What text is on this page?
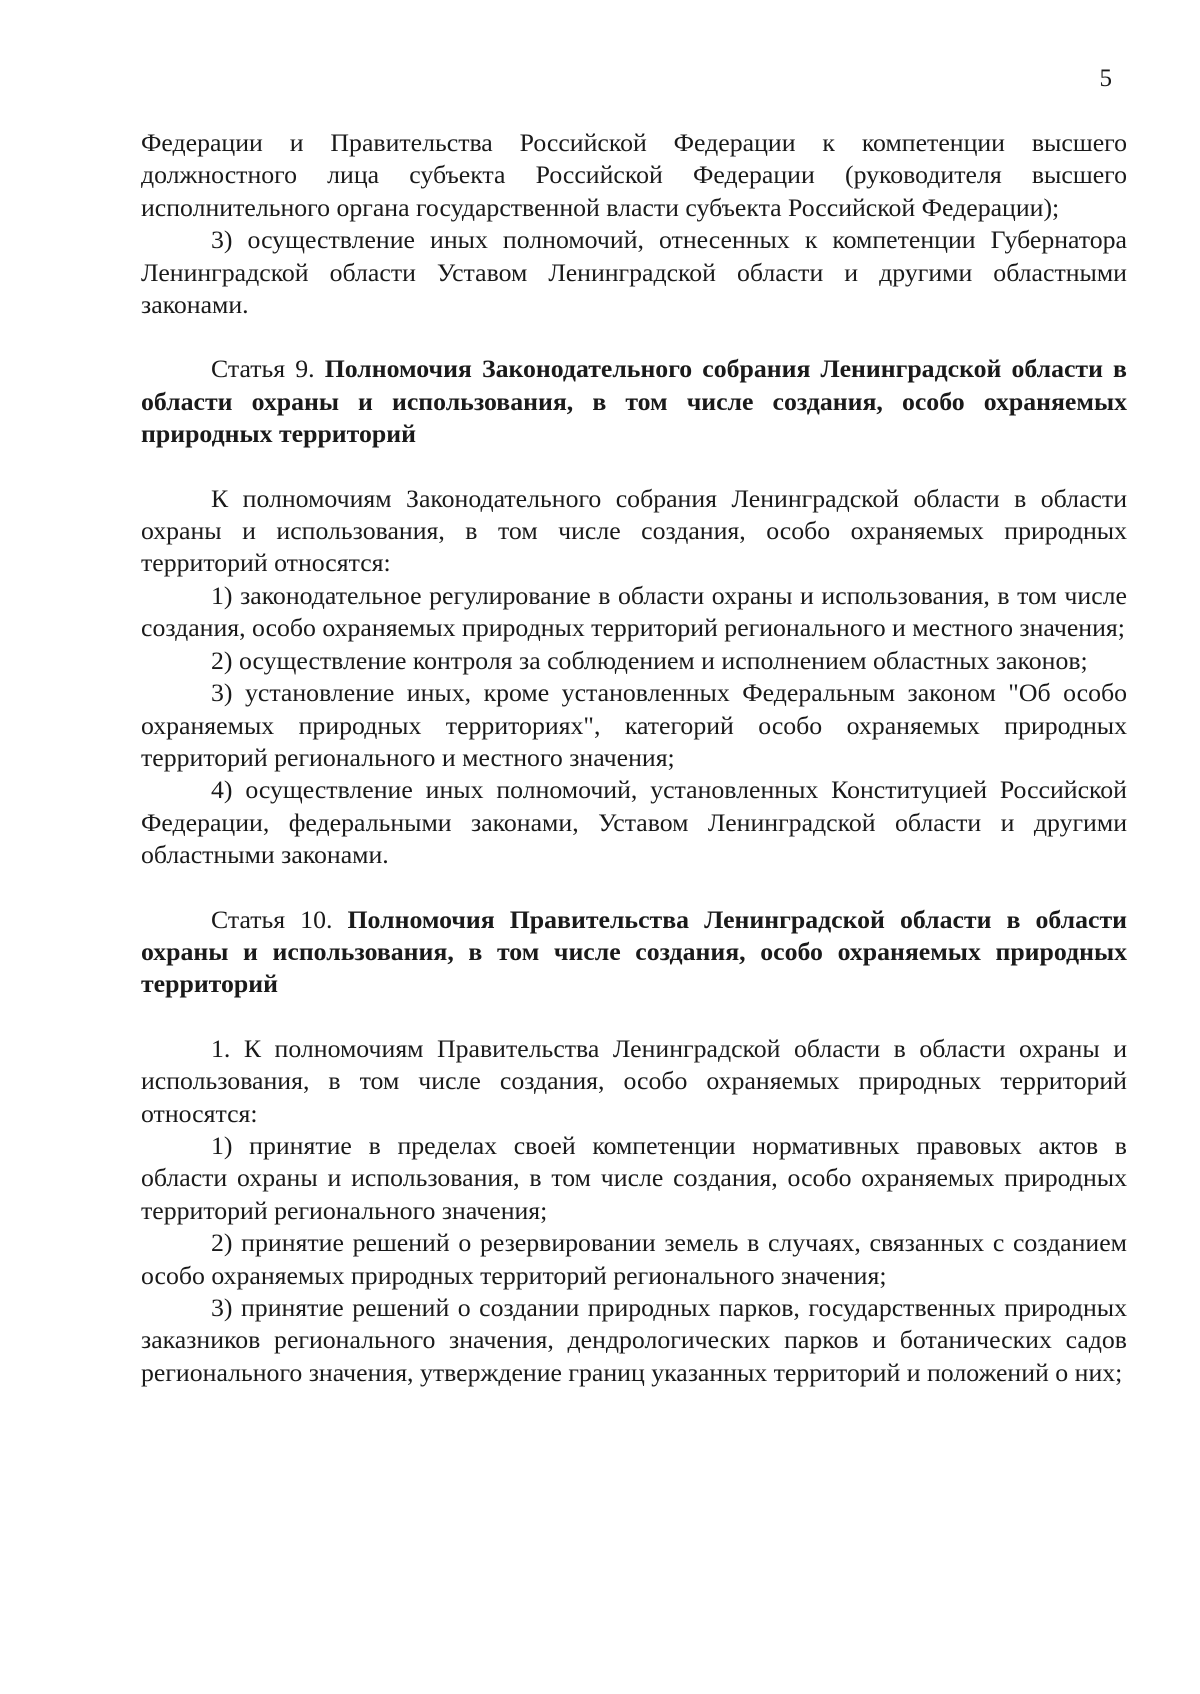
5

Федерации и Правительства Российской Федерации к компетенции высшего должностного лица субъекта Российской Федерации (руководителя высшего исполнительного органа государственной власти субъекта Российской Федерации);

3) осуществление иных полномочий, отнесенных к компетенции Губернатора Ленинградской области Уставом Ленинградской области и другими областными законами.

Статья 9. Полномочия Законодательного собрания Ленинградской области в области охраны и использования, в том числе создания, особо охраняемых природных территорий

К полномочиям Законодательного собрания Ленинградской области в области охраны и использования, в том числе создания, особо охраняемых природных территорий относятся:

1) законодательное регулирование в области охраны и использования, в том числе создания, особо охраняемых природных территорий регионального и местного значения;

2) осуществление контроля за соблюдением и исполнением областных законов;

3) установление иных, кроме установленных Федеральным законом "Об особо охраняемых природных территориях", категорий особо охраняемых природных территорий регионального и местного значения;

4) осуществление иных полномочий, установленных Конституцией Российской Федерации, федеральными законами, Уставом Ленинградской области и другими областными законами.

Статья 10. Полномочия Правительства Ленинградской области в области охраны и использования, в том числе создания, особо охраняемых природных территорий

1. К полномочиям Правительства Ленинградской области в области охраны и использования, в том числе создания, особо охраняемых природных территорий относятся:

1) принятие в пределах своей компетенции нормативных правовых актов в области охраны и использования, в том числе создания, особо охраняемых природных территорий регионального значения;

2) принятие решений о резервировании земель в случаях, связанных с созданием особо охраняемых природных территорий регионального значения;

3) принятие решений о создании природных парков, государственных природных заказников регионального значения, дендрологических парков и ботанических садов регионального значения, утверждение границ указанных территорий и положений о них;
